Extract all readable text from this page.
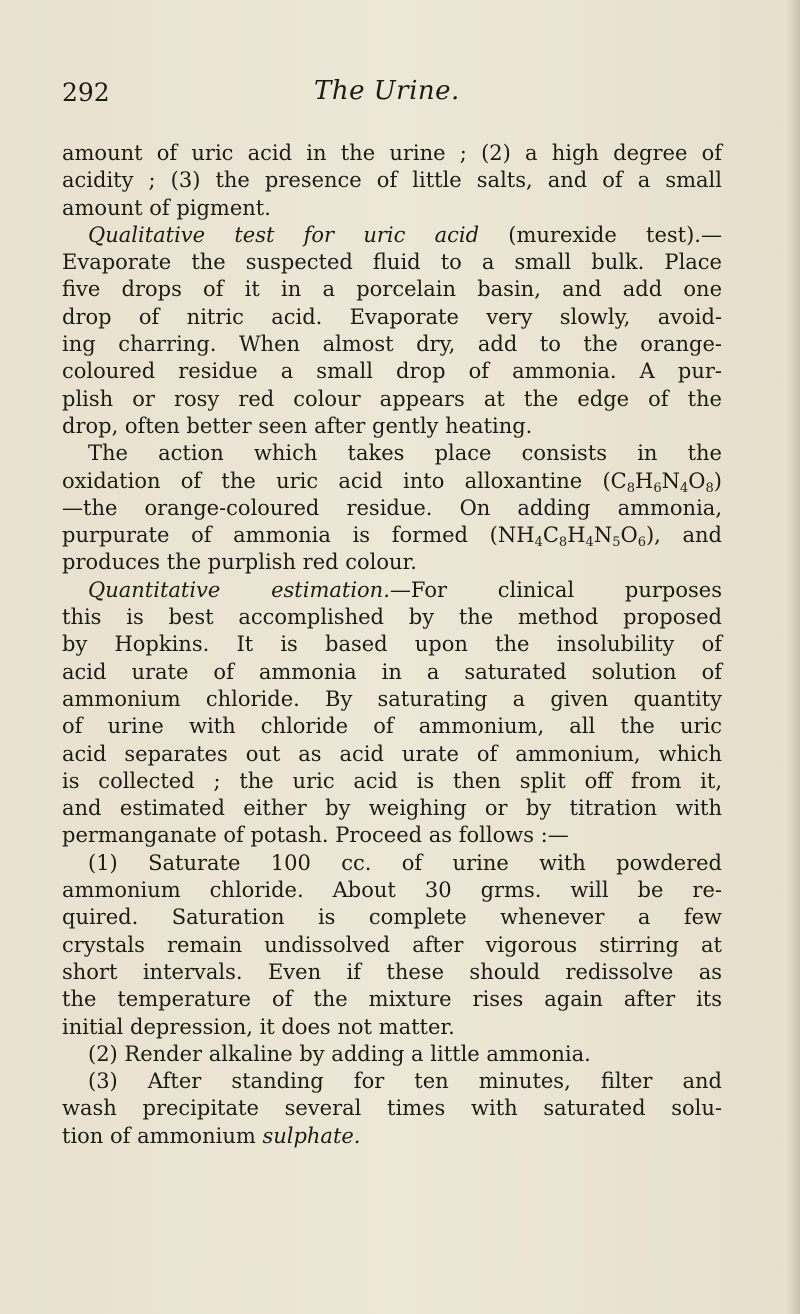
292	The Urine.
amount of uric acid in the urine ; (2) a high degree of
acidity ; (3) the presence of little salts, and of a small
amount of pigment.
Qualitative test for uric acid (murexide test).—
Evaporate the suspected fluid to a small bulk. Place
five drops of it in a porcelain basin, and add one
drop of nitric acid. Evaporate very slowly, avoid-
ing charring. When almost dry, add to the orange-
coloured residue a small drop of ammonia. A pur-
plish or rosy red colour appears at the edge of the
drop, often better seen after gently heating.
The action which takes place consists in the
oxidation of the uric acid into alloxantine $(C_8H_6N_4O_8)$
—the orange-coloured residue. On adding ammonia,
purpurate of ammonia is formed $(NH_4C_8H_4N_5O_6)$, and
produces the purplish red colour.
Quantitative estimation.—For clinical purposes
this is best accomplished by the method proposed
by Hopkins. It is based upon the insolubility of
acid urate of ammonia in a saturated solution of
ammonium chloride. By saturating a given quantity
of urine with chloride of ammonium, all the uric
acid separates out as acid urate of ammonium, which
is collected ; the uric acid is then split off from it,
and estimated either by weighing or by titration with
permanganate of potash. Proceed as follows :—
(1) Saturate 100 cc. of urine with powdered
ammonium chloride. About 30 grms. will be re-
quired. Saturation is complete whenever a few
crystals remain undissolved after vigorous stirring at
short intervals. Even if these should redissolve as
the temperature of the mixture rises again after its
initial depression, it does not matter.
(2) Render alkaline by adding a little ammonia.
(3) After standing for ten minutes, filter and
wash precipitate several times with saturated solu-
tion of ammonium sulphate.
